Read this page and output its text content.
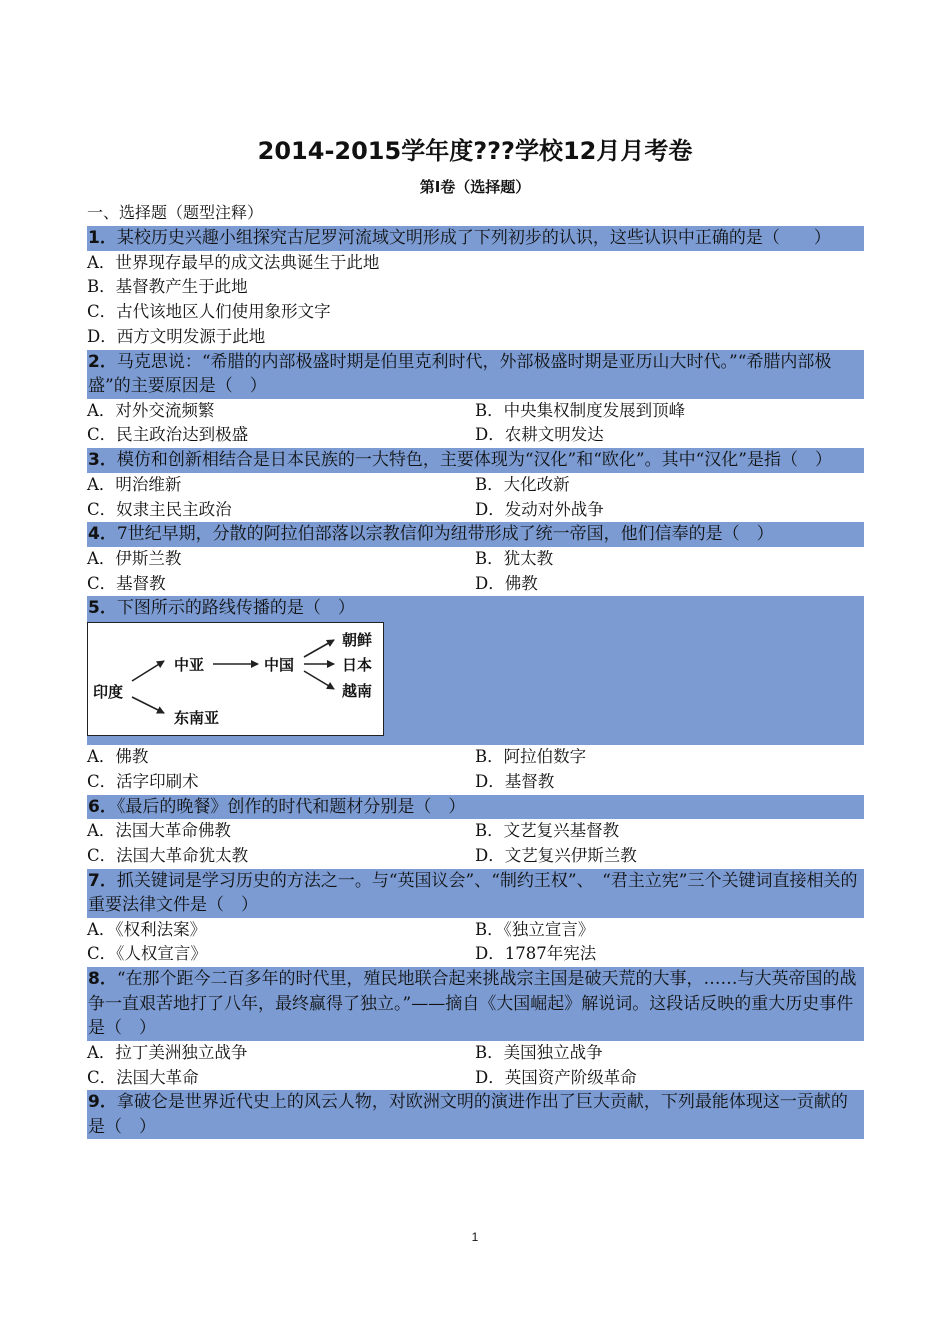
2014-2015学年度???学校12月月考卷
第I卷（选择题）
一、选择题（题型注释）
1．某校历史兴趣小组探究古尼罗河流域文明形成了下列初步的认识，这些认识中正确的是（　　）
A．世界现存最早的成文法典诞生于此地
B．基督教产生于此地
C．古代该地区人们使用象形文字
D．西方文明发源于此地
2．马克思说：“希腊的内部极盛时期是伯里克利时代，外部极盛时期是亚历山大时代。”“希腊内部极盛”的主要原因是（　）
A．对外交流频繁	B．中央集权制度发展到顶峰
C．民主政治达到极盛	D．农耕文明发达
3．模仿和创新相结合是日本民族的一大特色，主要体现为“汉化”和“欧化”。其中“汉化”是指（　）
A．明治维新	B．大化改新
C．奴隶主民主政治	D．发动对外战争
4．7世纪早期，分散的阿拉伯部落以宗教信仰为纽带形成了统一帝国，他们信奉的是（　）
A．伊斯兰教	B．犹太教
C．基督教	D．佛教
5．下图所示的路线传播的是（　）
印度
中亚	中国
东南亚
朝鲜
日本
越南
A．佛教	B．阿拉伯数字
C．活字印刷术	D．基督教
6．《最后的晚餐》创作的时代和题材分别是（　）
A．法国大革命佛教	B．文艺复兴基督教
C．法国大革命犹太教	D．文艺复兴伊斯兰教
7．抓关键词是学习历史的方法之一。与“英国议会”、“制约王权”、　“君主立宪”三个关键词直接相关的重要法律文件是（　）
A．《权利法案》	B．《独立宣言》
C．《人权宣言》	D．1787年宪法
8．“在那个距今二百多年的时代里，殖民地联合起来挑战宗主国是破天荒的大事，……与大英帝国的战争一直艰苦地打了八年，最终赢得了独立。”——摘自《大国崛起》解说词。这段话反映的重大历史事件是（　）
A．拉丁美洲独立战争	B．美国独立战争
C．法国大革命	D．英国资产阶级革命
9．拿破仑是世界近代史上的风云人物，对欧洲文明的演进作出了巨大贡献，下列最能体现这一贡献的是（　）
1
